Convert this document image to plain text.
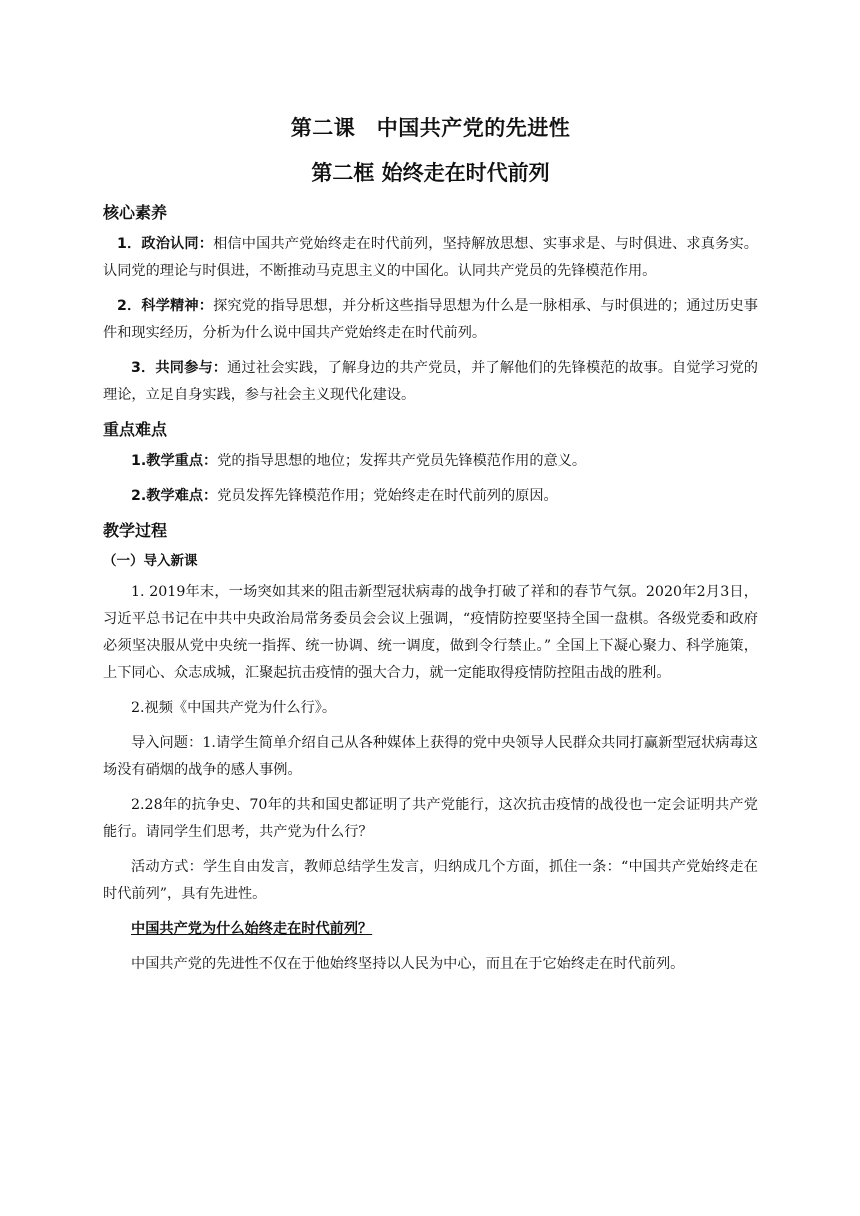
第二课　中国共产党的先进性
第二框 始终走在时代前列
核心素养

1．政治认同：相信中国共产党始终走在时代前列，坚持解放思想、实事求是、与时俱进、求真务实。认同党的理论与时俱进，不断推动马克思主义的中国化。认同共产党员的先锋模范作用。

2．科学精神：探究党的指导思想，并分析这些指导思想为什么是一脉相承、与时俱进的；通过历史事件和现实经历，分析为什么说中国共产党始终走在时代前列。

3．共同参与：通过社会实践，了解身边的共产党员，并了解他们的先锋模范的故事。自觉学习党的理论，立足自身实践，参与社会主义现代化建设。

重点难点

1.教学重点：党的指导思想的地位；发挥共产党员先锋模范作用的意义。

2.教学难点：党员发挥先锋模范作用；党始终走在时代前列的原因。

教学过程
（一）导入新课

1. 2019年末，一场突如其来的阻击新型冠状病毒的战争打破了祥和的春节气氛。2020年2月3日，习近平总书记在中共中央政治局常务委员会会议上强调，“疫情防控要坚持全国一盘棋。各级党委和政府必须坚决服从党中央统一指挥、统一协调、统一调度，做到令行禁止。” 全国上下凝心聚力、科学施策，上下同心、众志成城，汇聚起抗击疫情的强大合力，就一定能取得疫情防控阻击战的胜利。

2.视频《中国共产党为什么行》。

导入问题：1.请学生简单介绍自己从各种媒体上获得的党中央领导人民群众共同打赢新型冠状病毒这场没有硝烟的战争的感人事例。

2.28年的抗争史、70年的共和国史都证明了共产党能行，这次抗击疫情的战役也一定会证明共产党能行。请同学生们思考，共产党为什么行？

活动方式：学生自由发言，教师总结学生发言，归纳成几个方面，抓住一条：“中国共产党始终走在时代前列”，具有先进性。

中国共产党为什么始终走在时代前列？

中国共产党的先进性不仅在于他始终坚持以人民为中心，而且在于它始终走在时代前列。
